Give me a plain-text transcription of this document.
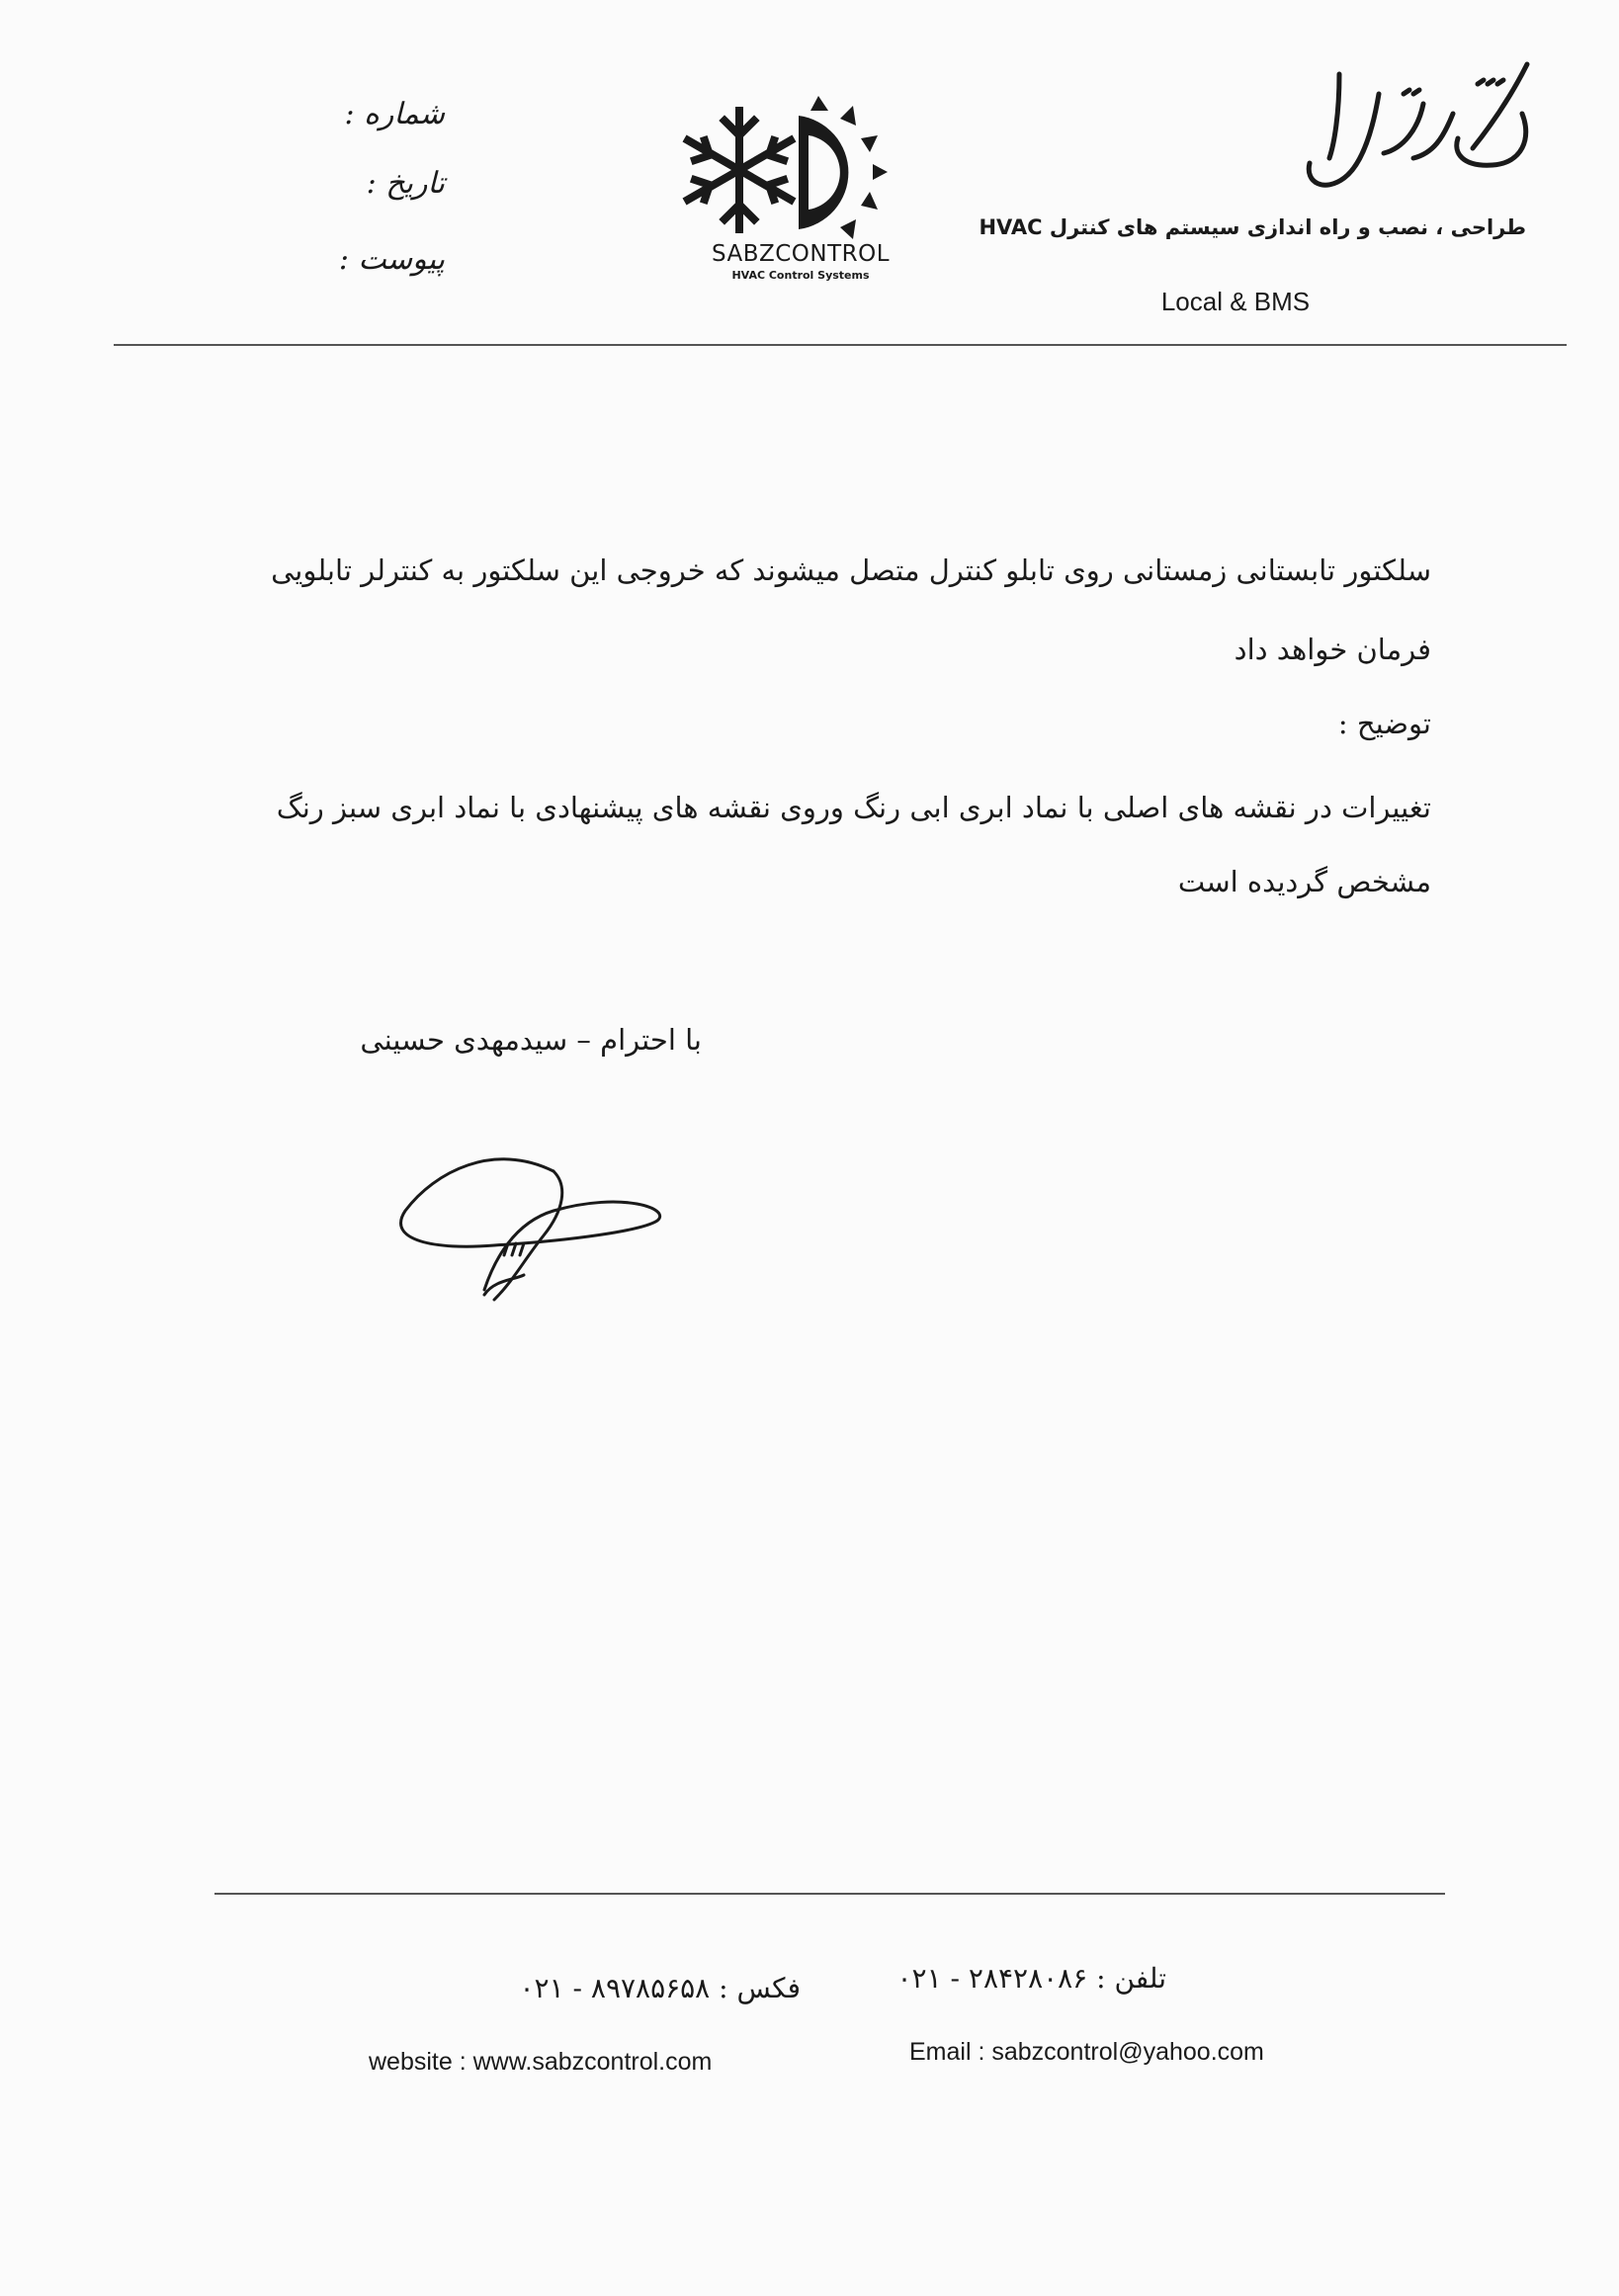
شماره :
تاریخ :
پیوست :	SABZCONTROL
HVAC Control Systems
طراحی ، نصب و راه اندازی سیستم های کنترل HVAC
Local & BMS
سلکتور تابستانی زمستانی روی تابلو کنترل متصل میشوند که خروجی این سلکتور به کنترلر تابلویی
فرمان خواهد داد
توضیح :
تغییرات در نقشه های اصلی با نماد ابری ابی رنگ وروی نقشه های پیشنهادی با نماد ابری سبز رنگ
مشخص گردیده است
با احترام – سیدمهدی حسینی
تلفن : ۲۸۴۲۸۰۸۶ - ۰۲۱
فکس : ۸۹۷۸۵۶۵۸ - ۰۲۱
Email : sabzcontrol@yahoo.com
website : www.sabzcontrol.com
